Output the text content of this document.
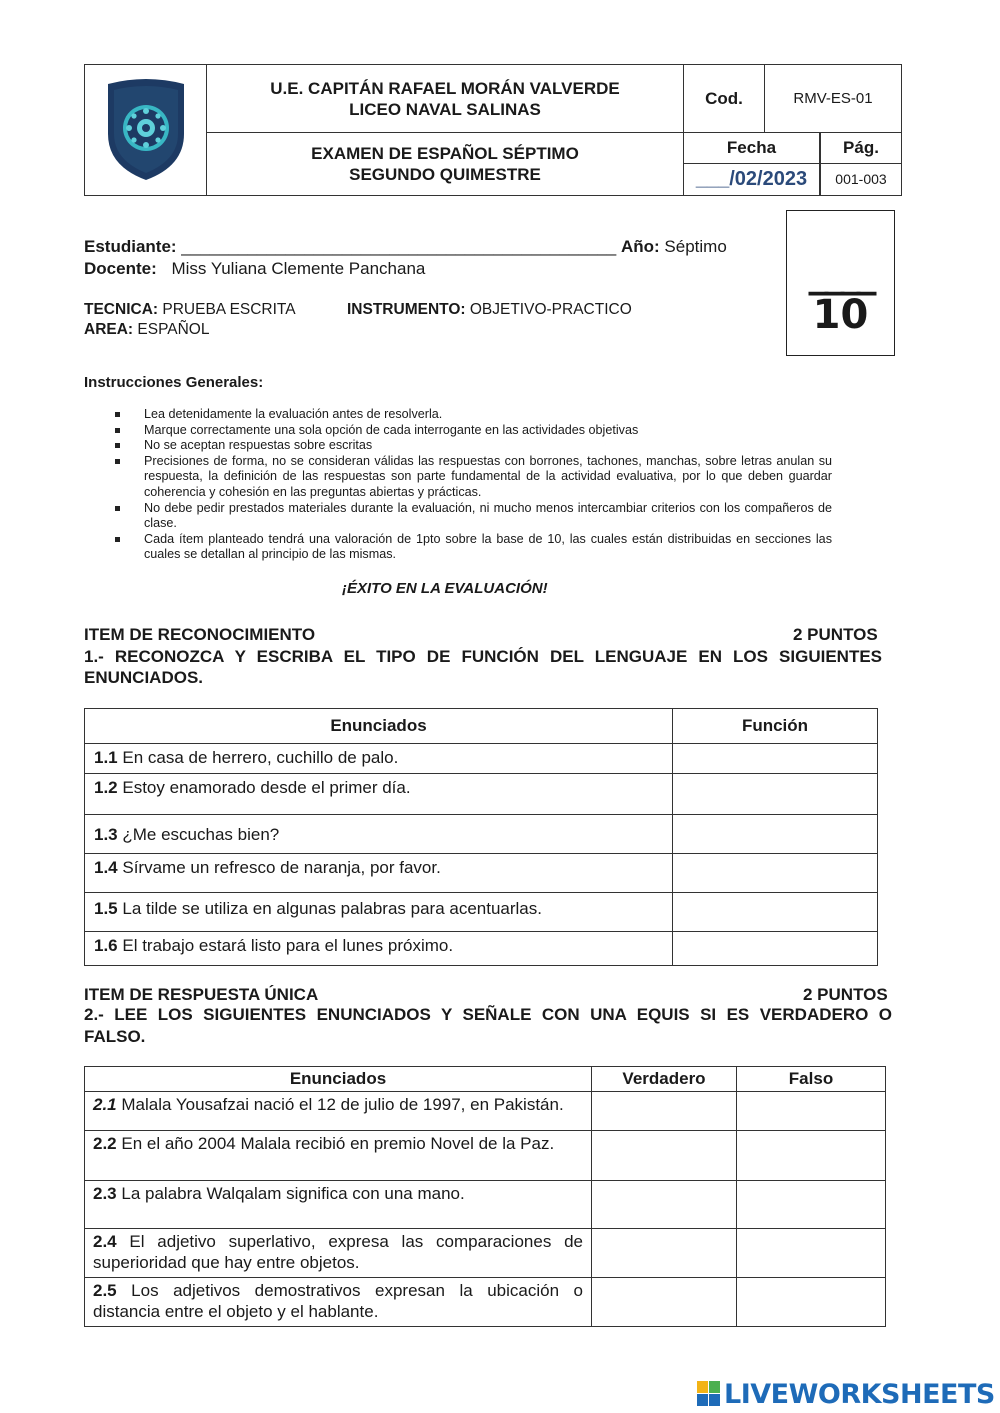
U.E. CAPITÁN RAFAEL MORÁN VALVERDE
LICEO NAVAL SALINAS
	Cod.	RMV-ES-01

EXAMEN DE ESPAÑOL SÉPTIMO
SEGUNDO QUIMESTRE

Fecha
___/02/2023

Pág.
001-003
____
10
Estudiante: ______________________________________________ Año: Séptimo
Docente: Miss Yuliana Clemente Panchana
TECNICA: PRUEBA ESCRITA	INSTRUMENTO: OBJETIVO-PRACTICO
AREA: ESPAÑOL
Instrucciones Generales:
Lea detenidamente la evaluación antes de resolverla.
Marque correctamente una sola opción de cada interrogante en las actividades objetivas
No se aceptan respuestas sobre escritas
Precisiones de forma, no se consideran válidas las respuestas con borrones, tachones, manchas, sobre letras anulan su respuesta, la definición de las respuestas son parte fundamental de la actividad evaluativa, por lo que deben guardar coherencia y cohesión en las preguntas abiertas y prácticas.
No debe pedir prestados materiales durante la evaluación, ni mucho menos intercambiar criterios con los compañeros de clase.
Cada ítem planteado tendrá una valoración de 1pto sobre la base de 10, las cuales están distribuidas en secciones las cuales se detallan al principio de las mismas.
¡ÉXITO EN LA EVALUACIÓN!
ITEM DE RECONOCIMIENTO	2 PUNTOS
1.- RECONOZCA Y ESCRIBA EL TIPO DE FUNCIÓN DEL LENGUAJE EN LOS SIGUIENTES
ENUNCIADOS.
Enunciados	Función
1.1 En casa de herrero, cuchillo de palo.	
1.2 Estoy enamorado desde el primer día.	
1.3 ¿Me escuchas bien?	
1.4 Sírvame un refresco de naranja, por favor.	
1.5 La tilde se utiliza en algunas palabras para acentuarlas.	
1.6 El trabajo estará listo para el lunes próximo.	
ITEM DE RESPUESTA ÚNICA	2 PUNTOS
2.- LEE LOS SIGUIENTES ENUNCIADOS Y SEÑALE CON UNA EQUIS SI ES VERDADERO O
FALSO.
Enunciados	Verdadero	Falso
2.1 Malala Yousafzai nació el 12 de julio de 1997, en Pakistán.		
2.2 En el año 2004 Malala recibió en premio Novel de la Paz.		
2.3 La palabra Walqalam significa con una mano.		
2.4 El adjetivo superlativo, expresa las comparaciones de superioridad que hay entre objetos.		
2.5 Los adjetivos demostrativos expresan la ubicación o distancia entre el objeto y el hablante.		
LIVEWORKSHEETS
